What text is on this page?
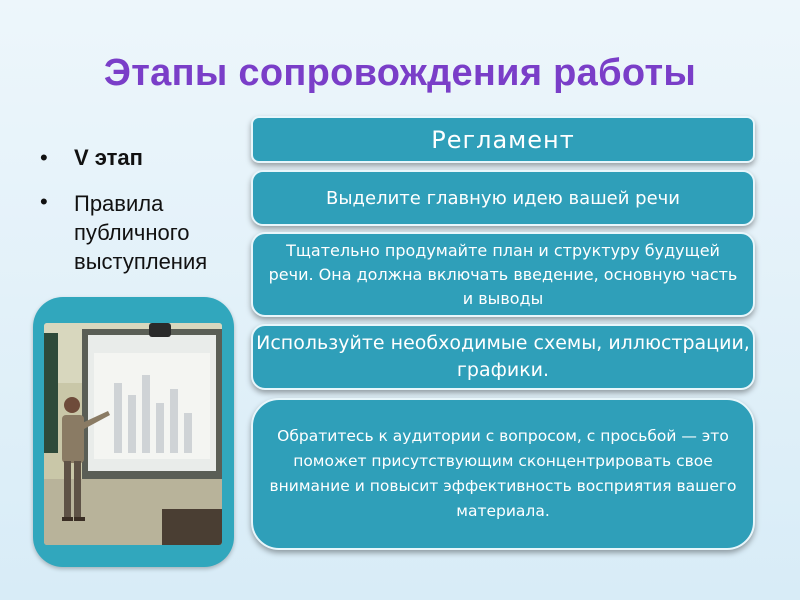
Этапы сопровождения работы
• V этап
• Правила публичного выступления
Регламент
Выделите главную идею вашей речи
Тщательно продумайте план и структуру будущей речи. Она должна включать введение, основную часть и выводы
Используйте необходимые схемы, иллюстрации, графики.
Обратитесь к аудитории с вопросом, с просьбой — это поможет присутствующим сконцентрировать свое внимание и повысит эффективность восприятия вашего материала.
